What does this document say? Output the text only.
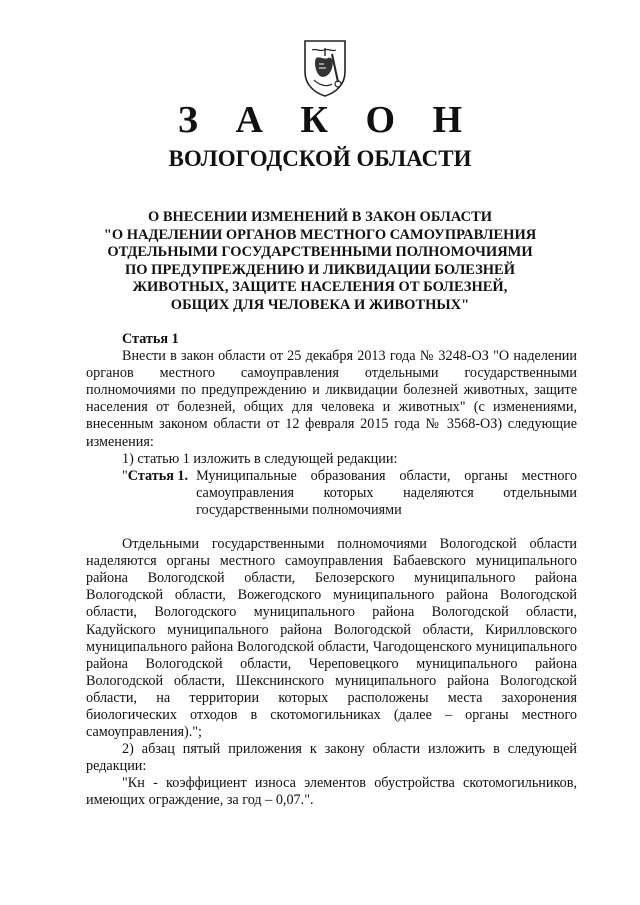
З А К О Н
ВОЛОГОДСКОЙ ОБЛАСТИ
О ВНЕСЕНИИ ИЗМЕНЕНИЙ В ЗАКОН ОБЛАСТИ
"О НАДЕЛЕНИИ ОРГАНОВ МЕСТНОГО САМОУПРАВЛЕНИЯ
ОТДЕЛЬНЫМИ ГОСУДАРСТВЕННЫМИ ПОЛНОМОЧИЯМИ
ПО ПРЕДУПРЕЖДЕНИЮ И ЛИКВИДАЦИИ БОЛЕЗНЕЙ
ЖИВОТНЫХ, ЗАЩИТЕ НАСЕЛЕНИЯ ОТ БОЛЕЗНЕЙ,
ОБЩИХ ДЛЯ ЧЕЛОВЕКА И ЖИВОТНЫХ"
Статья 1

Внести в закон области от 25 декабря 2013 года № 3248-ОЗ "О наделении органов местного самоуправления отдельными государственными полномочиями по предупреждению и ликвидации болезней животных, защите населения от болезней, общих для человека и животных" (с изменениями, внесенным законом области от 12 февраля 2015 года № 3568-ОЗ) следующие изменения:

1) статью 1 изложить в следующей редакции:

"Статья 1. Муниципальные образования области, органы местного самоуправления которых наделяются отдельными государственными полномочиями

Отдельными государственными полномочиями Вологодской области наделяются органы местного самоуправления Бабаевского муниципального района Вологодской области, Белозерского муниципального района Вологодской области, Вожегодского муниципального района Вологодской области, Вологодского муниципального района Вологодской области, Кадуйского муниципального района Вологодской области, Кирилловского муниципального района Вологодской области, Чагодощенского муниципального района Вологодской области, Череповецкого муниципального района Вологодской области, Шекснинского муниципального района Вологодской области, на территории которых расположены места захоронения биологических отходов в скотомогильниках (далее – органы местного самоуправления).";

2) абзац пятый приложения к закону области изложить в следующей редакции:

"Кн - коэффициент износа элементов обустройства скотомогильников, имеющих ограждение, за год – 0,07.".
